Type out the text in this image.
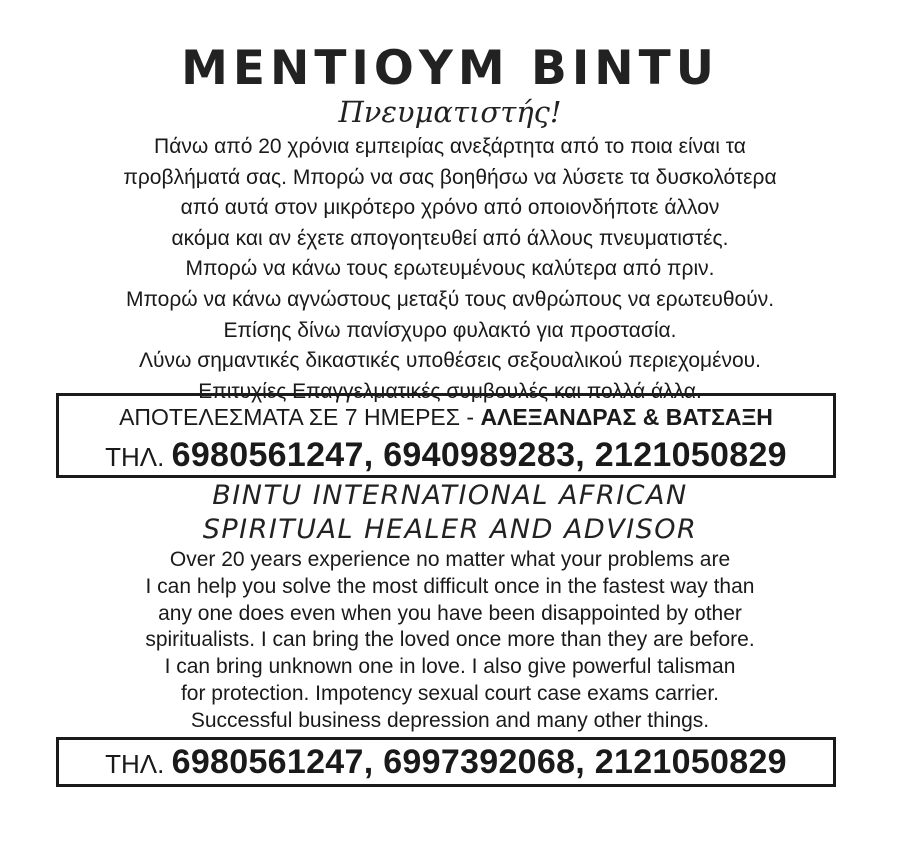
ΜΕΝΤΙΟΥΜ ΒΙΝΤU
Πνευματιστής!
Πάνω από 20 χρόνια εμπειρίας ανεξάρτητα από το ποια είναι τα
προβλήματά σας. Μπορώ να σας βοηθήσω να λύσετε τα δυσκολότερα
από αυτά στον μικρότερο χρόνο από οποιονδήποτε άλλον
ακόμα και αν έχετε απογοητευθεί από άλλους πνευματιστές.
Μπορώ να κάνω τους ερωτευμένους καλύτερα από πριν.
Μπορώ να κάνω αγνώστους μεταξύ τους ανθρώπους να ερωτευθούν.
Επίσης δίνω πανίσχυρο φυλακτό για προστασία.
Λύνω σημαντικές δικαστικές υποθέσεις σεξουαλικού περιεχομένου.
Επιτυχίες Επαγγελματικές συμβουλές και πολλά άλλα.
ΑΠΟΤΕΛΕΣΜΑΤΑ ΣΕ 7 ΗΜΕΡΕΣ - ΑΛΕΞΑΝΔΡΑΣ & ΒΑΤΣΑΞΗ
ΤΗΛ. 6980561247, 6940989283, 2121050829
BINTU INTERNATIONAL AFRICAN
SPIRITUAL HEALER AND ADVISOR
Over 20 years experience no matter what your problems are
I can help you solve the most difficult once in the fastest way than
any one does even when you have been disappointed by other
spiritualists. I can bring the loved once more than they are before.
I can bring unknown one in love. I also give powerful talisman
for protection. Impotency sexual court case exams carrier.
Successful business depression and many other things.
ΤΗΛ. 6980561247, 6997392068, 2121050829
